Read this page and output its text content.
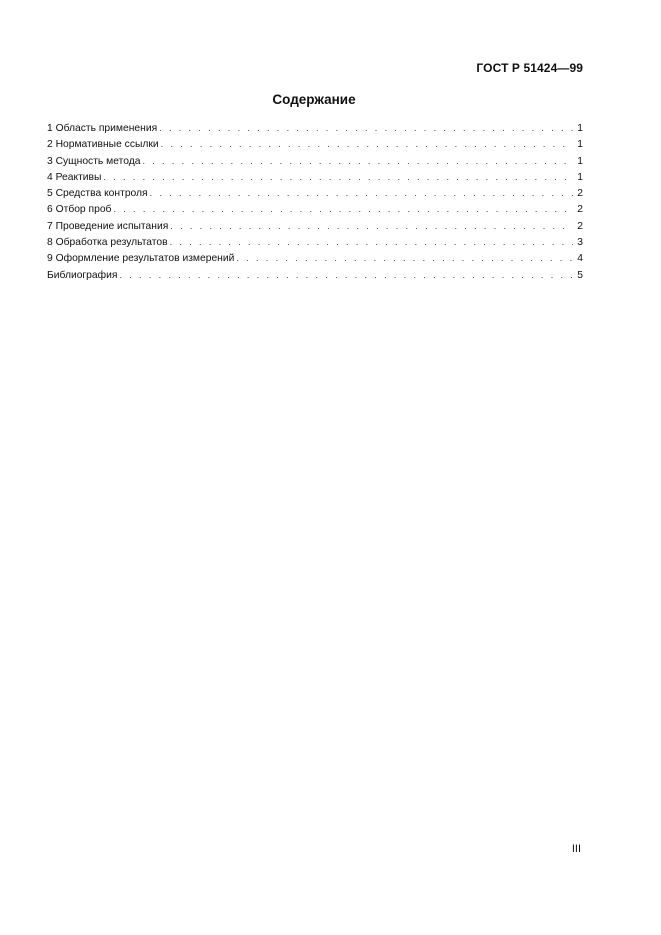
ГОСТ Р 51424—99
Содержание
1 Область применения . . .	1
2 Нормативные ссылки . . .	1
3 Сущность метода . . .	1
4 Реактивы . . .	1
5 Средства контроля . . .	2
6 Отбор проб . . .	2
7 Проведение испытания . . .	2
8 Обработка результатов . . .	3
9 Оформление результатов измерений . . .	4
Библиография . . .	5
III
